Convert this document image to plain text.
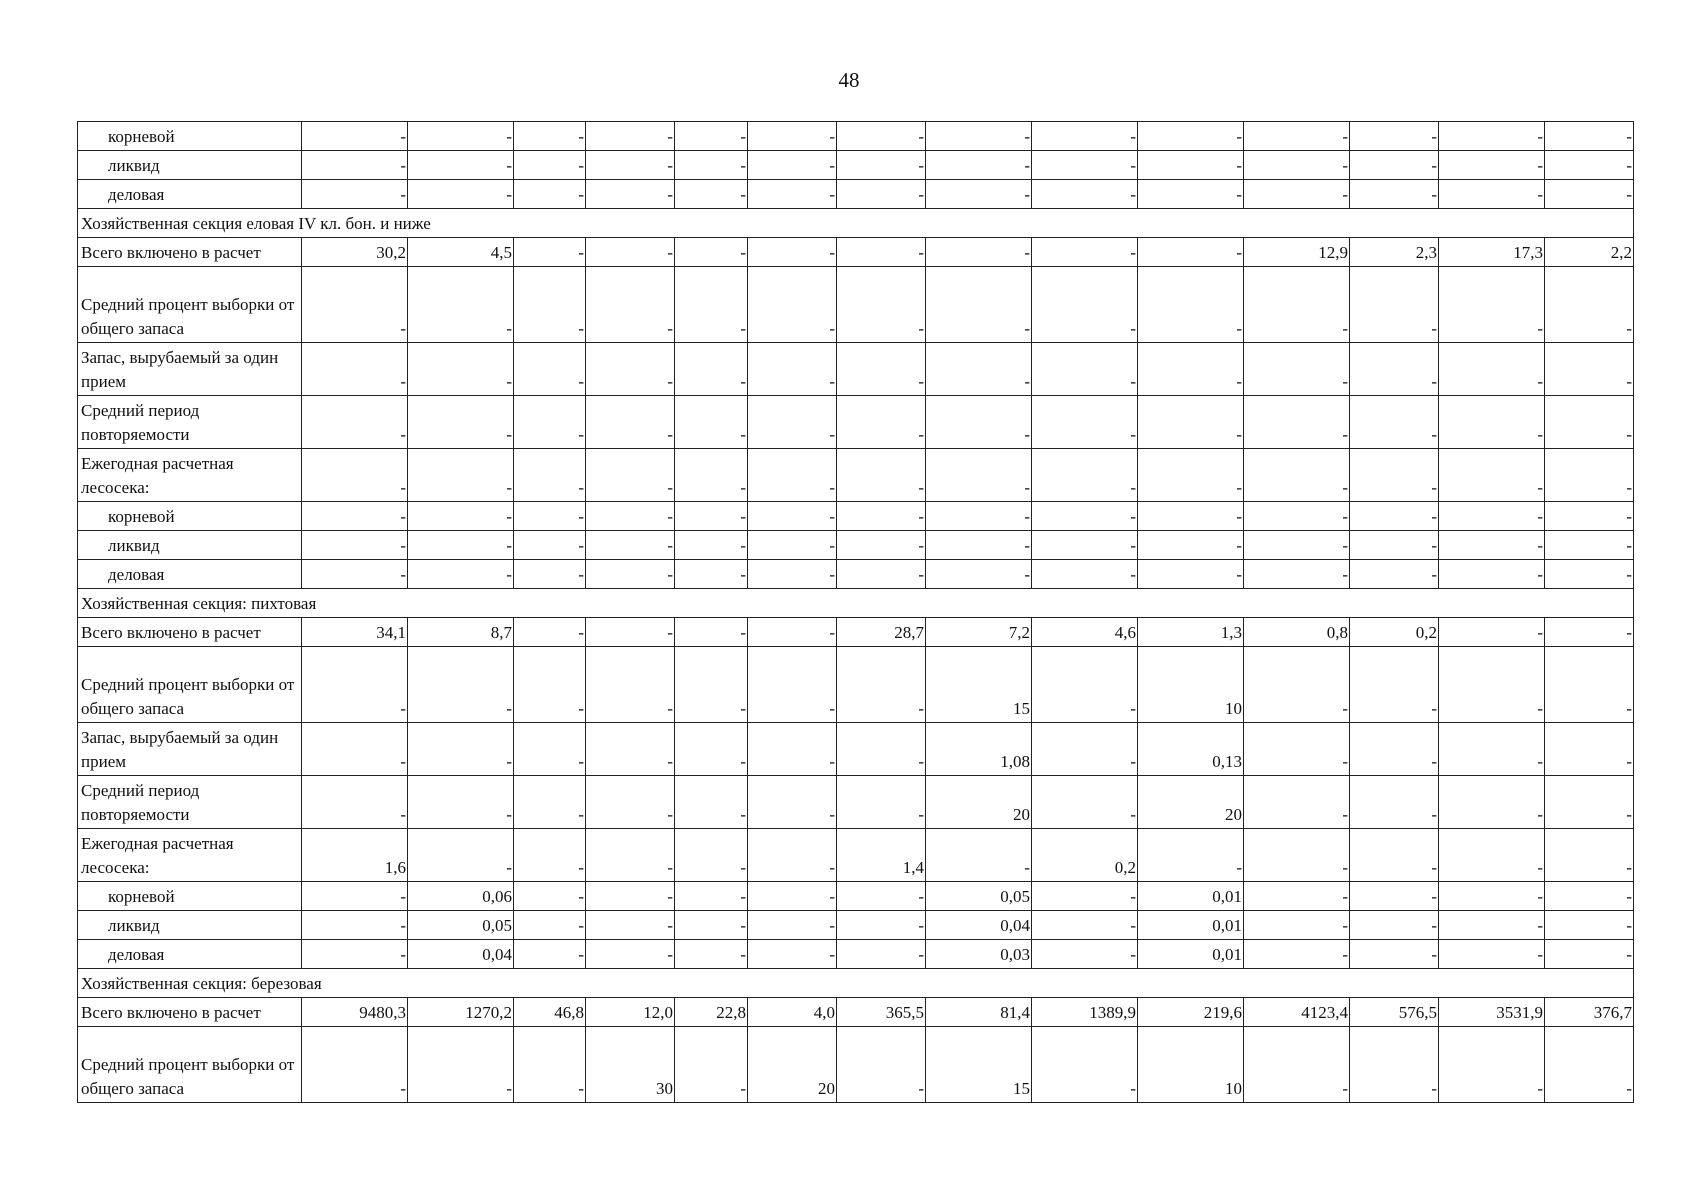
48
корневой	-	-	-	-	-	-	-	-	-	-	-	-	-	-
ликвид	-	-	-	-	-	-	-	-	-	-	-	-	-	-
деловая	-	-	-	-	-	-	-	-	-	-	-	-	-	-
Хозяйственная секция еловая IV кл. бон. и ниже														
Всего включено в расчет	30,2	4,5	-	-	-	-	-	-	-	-	12,9	2,3	17,3	2,2
Средний процент выборки от общего запаса	-	-	-	-	-	-	-	-	-	-	-	-	-	-
Запас, вырубаемый за один прием	-	-	-	-	-	-	-	-	-	-	-	-	-	-
Средний период повторяемости	-	-	-	-	-	-	-	-	-	-	-	-	-	-
Ежегодная расчетная лесосека:	-	-	-	-	-	-	-	-	-	-	-	-	-	-
корневой	-	-	-	-	-	-	-	-	-	-	-	-	-	-
ликвид	-	-	-	-	-	-	-	-	-	-	-	-	-	-
деловая	-	-	-	-	-	-	-	-	-	-	-	-	-	-
Хозяйственная секция: пихтовая														
Всего включено в расчет	34,1	8,7	-	-	-	-	28,7	7,2	4,6	1,3	0,8	0,2	-	-
Средний процент выборки от общего запаса	-	-	-	-	-	-	-	15	-	10	-	-	-	-
Запас, вырубаемый за один прием	-	-	-	-	-	-	-	1,08	-	0,13	-	-	-	-
Средний период повторяемости	-	-	-	-	-	-	-	20	-	20	-	-	-	-
Ежегодная расчетная лесосека:	1,6	-	-	-	-	-	1,4	-	0,2	-	-	-	-	-
корневой	-	0,06	-	-	-	-	-	0,05	-	0,01	-	-	-	-
ликвид	-	0,05	-	-	-	-	-	0,04	-	0,01	-	-	-	-
деловая	-	0,04	-	-	-	-	-	0,03	-	0,01	-	-	-	-
Хозяйственная секция: березовая														
Всего включено в расчет	9480,3	1270,2	46,8	12,0	22,8	4,0	365,5	81,4	1389,9	219,6	4123,4	576,5	3531,9	376,7
Средний процент выборки от общего запаса	-	-	-	30	-	20	-	15	-	10	-	-	-	-
